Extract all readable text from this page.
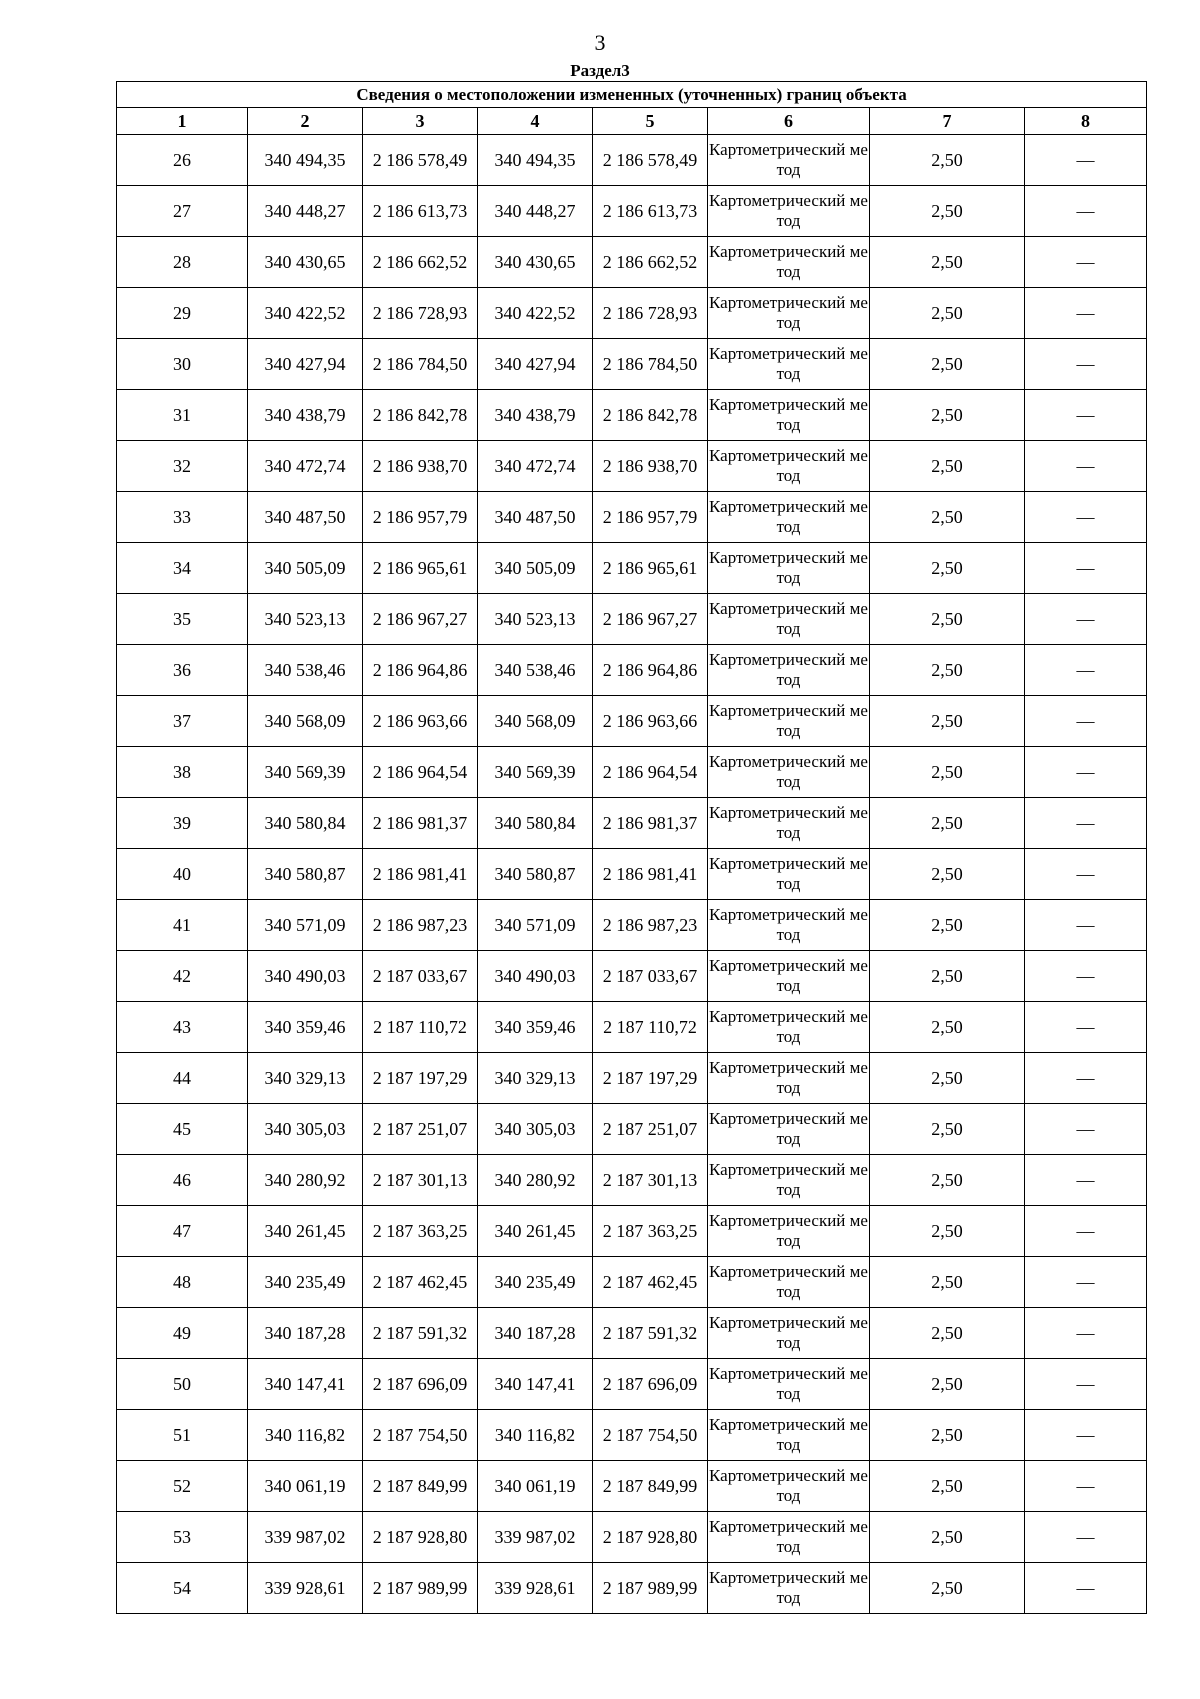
3
Раздел3
Сведения о местоположении измененных (уточненных) границ объекта							
1	2	3	4	5	6	7	8
26	340 494,35	2 186 578,49	340 494,35	2 186 578,49	Картометрический метод	2,50	—
27	340 448,27	2 186 613,73	340 448,27	2 186 613,73	Картометрический метод	2,50	—
28	340 430,65	2 186 662,52	340 430,65	2 186 662,52	Картометрический метод	2,50	—
29	340 422,52	2 186 728,93	340 422,52	2 186 728,93	Картометрический метод	2,50	—
30	340 427,94	2 186 784,50	340 427,94	2 186 784,50	Картометрический метод	2,50	—
31	340 438,79	2 186 842,78	340 438,79	2 186 842,78	Картометрический метод	2,50	—
32	340 472,74	2 186 938,70	340 472,74	2 186 938,70	Картометрический метод	2,50	—
33	340 487,50	2 186 957,79	340 487,50	2 186 957,79	Картометрический метод	2,50	—
34	340 505,09	2 186 965,61	340 505,09	2 186 965,61	Картометрический метод	2,50	—
35	340 523,13	2 186 967,27	340 523,13	2 186 967,27	Картометрический метод	2,50	—
36	340 538,46	2 186 964,86	340 538,46	2 186 964,86	Картометрический метод	2,50	—
37	340 568,09	2 186 963,66	340 568,09	2 186 963,66	Картометрический метод	2,50	—
38	340 569,39	2 186 964,54	340 569,39	2 186 964,54	Картометрический метод	2,50	—
39	340 580,84	2 186 981,37	340 580,84	2 186 981,37	Картометрический метод	2,50	—
40	340 580,87	2 186 981,41	340 580,87	2 186 981,41	Картометрический метод	2,50	—
41	340 571,09	2 186 987,23	340 571,09	2 186 987,23	Картометрический метод	2,50	—
42	340 490,03	2 187 033,67	340 490,03	2 187 033,67	Картометрический метод	2,50	—
43	340 359,46	2 187 110,72	340 359,46	2 187 110,72	Картометрический метод	2,50	—
44	340 329,13	2 187 197,29	340 329,13	2 187 197,29	Картометрический метод	2,50	—
45	340 305,03	2 187 251,07	340 305,03	2 187 251,07	Картометрический метод	2,50	—
46	340 280,92	2 187 301,13	340 280,92	2 187 301,13	Картометрический метод	2,50	—
47	340 261,45	2 187 363,25	340 261,45	2 187 363,25	Картометрический метод	2,50	—
48	340 235,49	2 187 462,45	340 235,49	2 187 462,45	Картометрический метод	2,50	—
49	340 187,28	2 187 591,32	340 187,28	2 187 591,32	Картометрический метод	2,50	—
50	340 147,41	2 187 696,09	340 147,41	2 187 696,09	Картометрический метод	2,50	—
51	340 116,82	2 187 754,50	340 116,82	2 187 754,50	Картометрический метод	2,50	—
52	340 061,19	2 187 849,99	340 061,19	2 187 849,99	Картометрический метод	2,50	—
53	339 987,02	2 187 928,80	339 987,02	2 187 928,80	Картометрический метод	2,50	—
54	339 928,61	2 187 989,99	339 928,61	2 187 989,99	Картометрический метод	2,50	—
